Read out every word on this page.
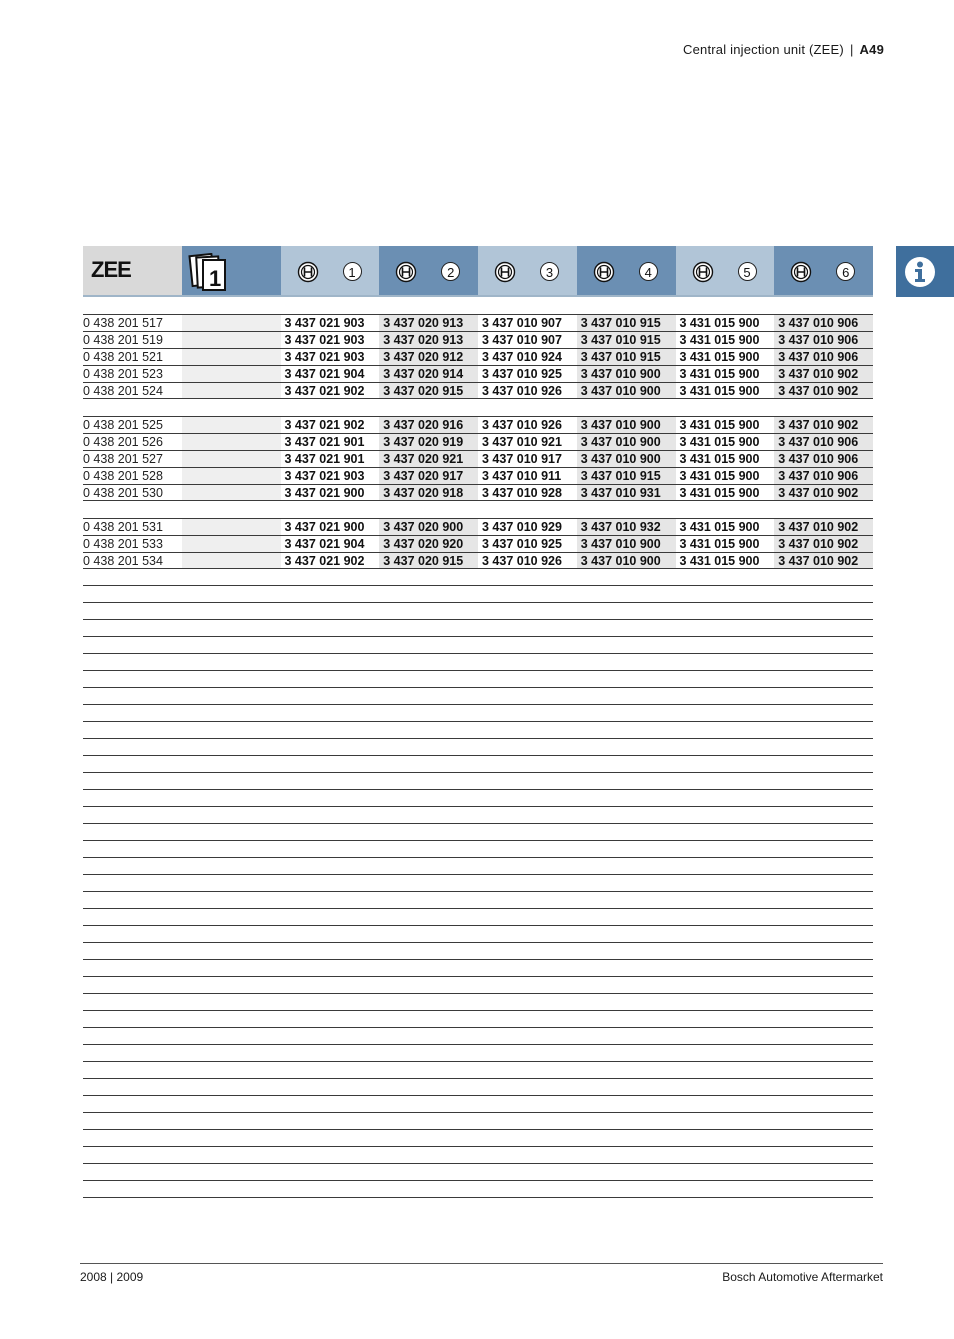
Central injection unit (ZEE) | A49
ZEE	1	1	2	3	4	5	6
0 438 201 517	3 437 021 903	3 437 020 913	3 437 010 907	3 437 010 915	3 431 015 900	3 437 010 906
0 438 201 519	3 437 021 903	3 437 020 913	3 437 010 907	3 437 010 915	3 431 015 900	3 437 010 906
0 438 201 521	3 437 021 903	3 437 020 912	3 437 010 924	3 437 010 915	3 431 015 900	3 437 010 906
0 438 201 523	3 437 021 904	3 437 020 914	3 437 010 925	3 437 010 900	3 431 015 900	3 437 010 902
0 438 201 524	3 437 021 902	3 437 020 915	3 437 010 926	3 437 010 900	3 431 015 900	3 437 010 902
0 438 201 525	3 437 021 902	3 437 020 916	3 437 010 926	3 437 010 900	3 431 015 900	3 437 010 902
0 438 201 526	3 437 021 901	3 437 020 919	3 437 010 921	3 437 010 900	3 431 015 900	3 437 010 906
0 438 201 527	3 437 021 901	3 437 020 921	3 437 010 917	3 437 010 900	3 431 015 900	3 437 010 906
0 438 201 528	3 437 021 903	3 437 020 917	3 437 010 911	3 437 010 915	3 431 015 900	3 437 010 906
0 438 201 530	3 437 021 900	3 437 020 918	3 437 010 928	3 437 010 931	3 431 015 900	3 437 010 902
0 438 201 531	3 437 021 900	3 437 020 900	3 437 010 929	3 437 010 932	3 431 015 900	3 437 010 902
0 438 201 533	3 437 021 904	3 437 020 920	3 437 010 925	3 437 010 900	3 431 015 900	3 437 010 902
0 438 201 534	3 437 021 902	3 437 020 915	3 437 010 926	3 437 010 900	3 431 015 900	3 437 010 902
2008 | 2009	Bosch Automotive Aftermarket
